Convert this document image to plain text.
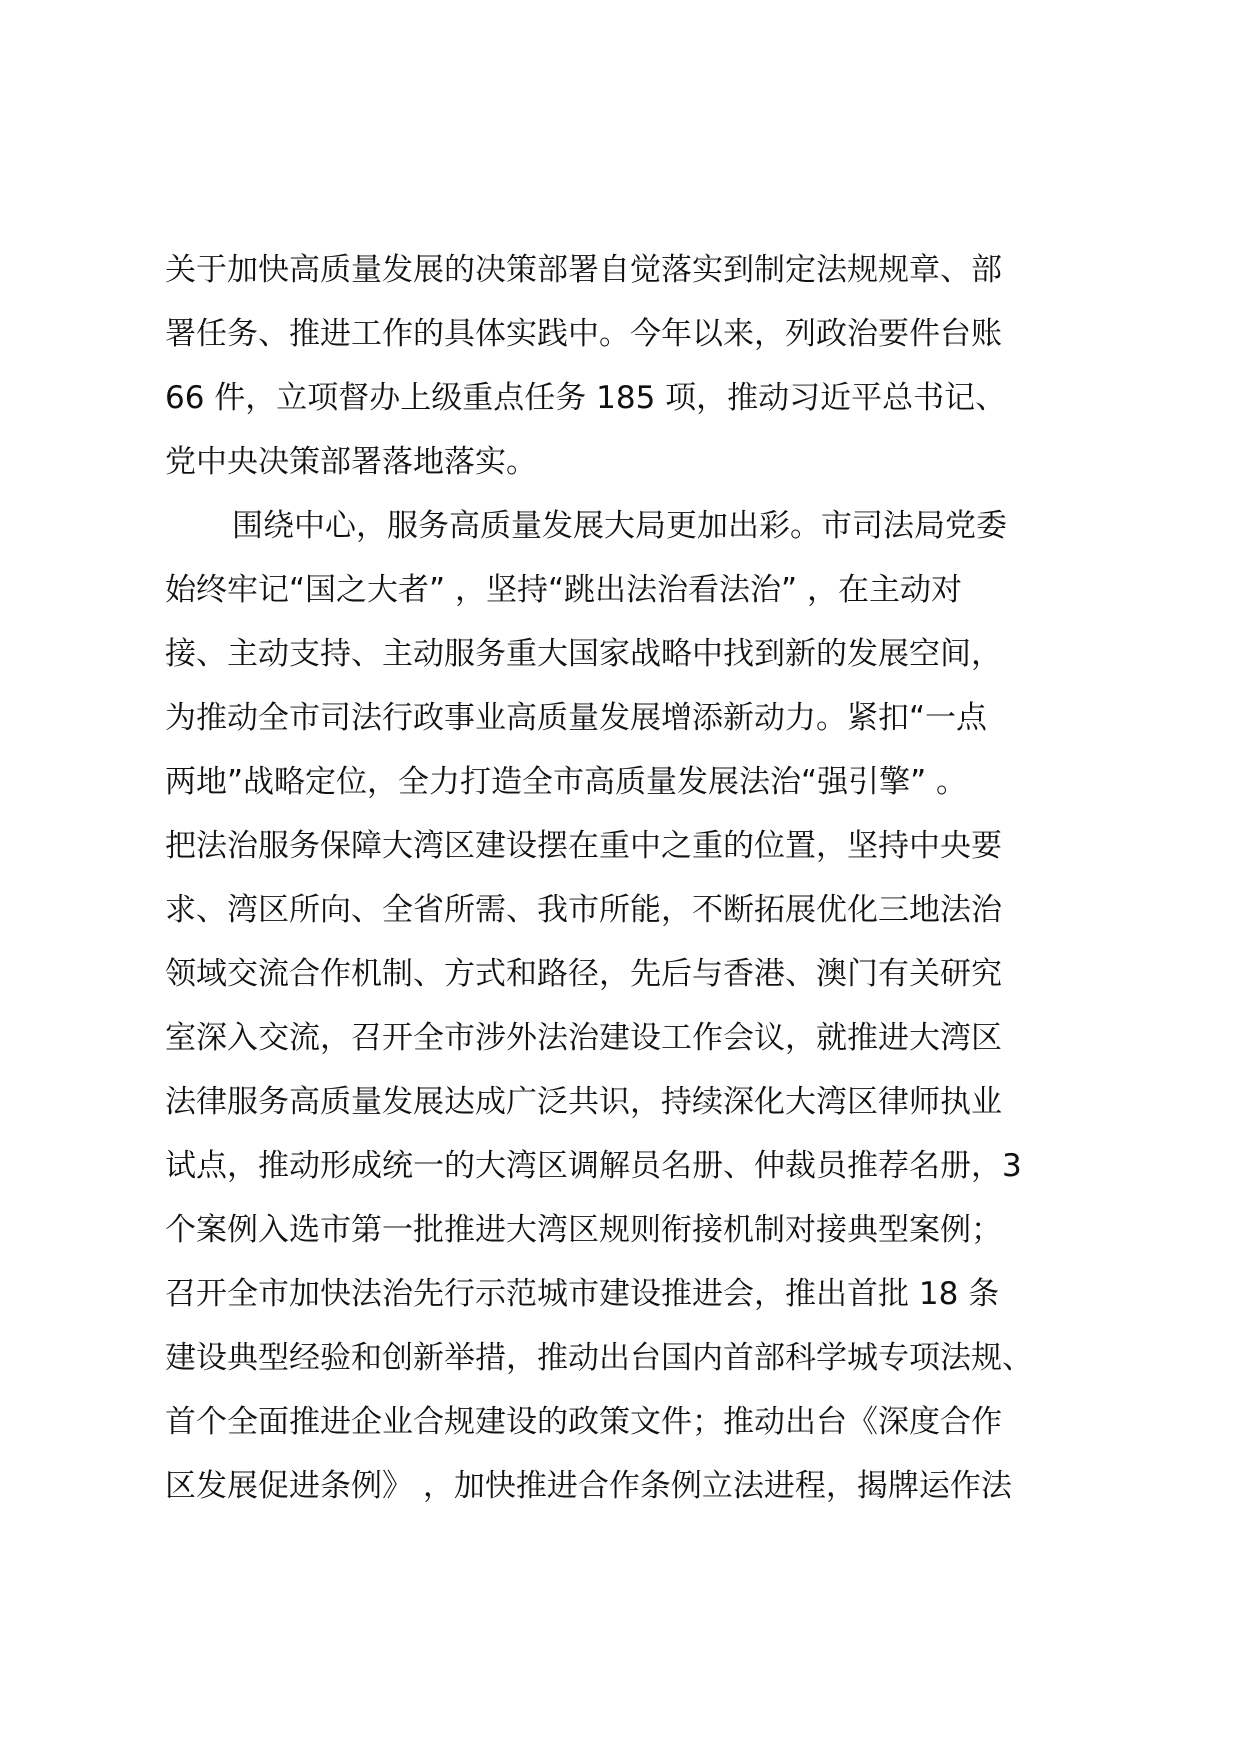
关于加快高质量发展的决策部署自觉落实到制定法规规章、部
署任务、推进工作的具体实践中。今年以来，列政治要件台账
66 件，立项督办上级重点任务 185 项，推动习近平总书记、
党中央决策部署落地落实。
围绕中心，服务高质量发展大局更加出彩。市司法局党委
始终牢记“国之大者” ，坚持“跳出法治看法治” ，在主动对
接、主动支持、主动服务重大国家战略中找到新的发展空间，
为推动全市司法行政事业高质量发展增添新动力。紧扣“一点
两地”战略定位，全力打造全市高质量发展法治“强引擎” 。
把法治服务保障大湾区建设摆在重中之重的位置，坚持中央要
求、湾区所向、全省所需、我市所能，不断拓展优化三地法治
领域交流合作机制、方式和路径，先后与香港、澳门有关研究
室深入交流，召开全市涉外法治建设工作会议，就推进大湾区
法律服务高质量发展达成广泛共识，持续深化大湾区律师执业
试点，推动形成统一的大湾区调解员名册、仲裁员推荐名册，3
个案例入选市第一批推进大湾区规则衔接机制对接典型案例；
召开全市加快法治先行示范城市建设推进会，推出首批 18 条
建设典型经验和创新举措，推动出台国内首部科学城专项法规、
首个全面推进企业合规建设的政策文件；推动出台《深度合作
区发展促进条例》 ，加快推进合作条例立法进程，揭牌运作法
